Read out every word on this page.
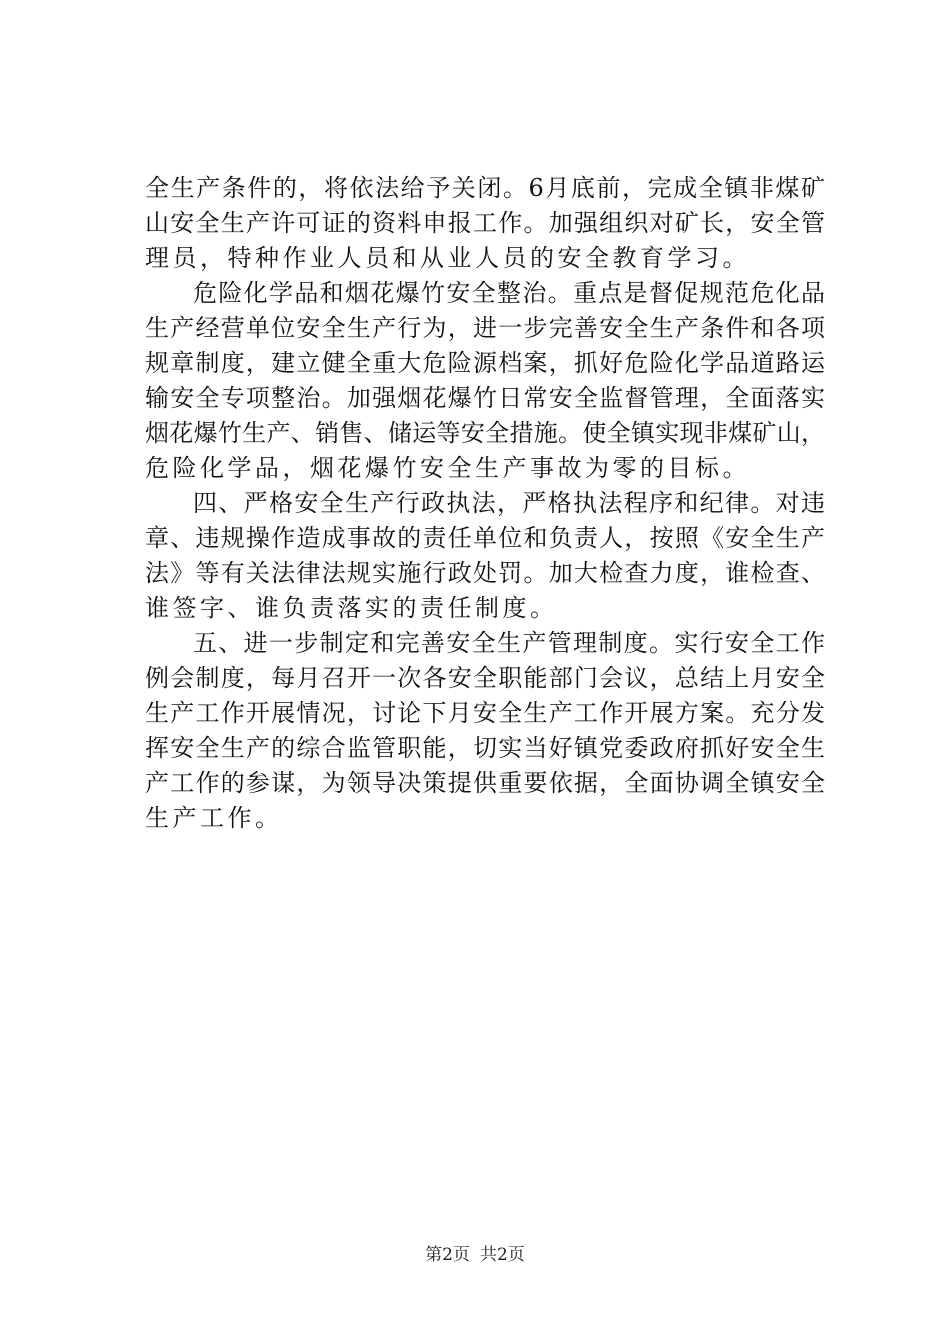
全生产条件的，将依法给予关闭。6月底前，完成全镇非煤矿
山安全生产许可证的资料申报工作。加强组织对矿长，安全管
理员，特种作业人员和从业人员的安全教育学习。
危险化学品和烟花爆竹安全整治。重点是督促规范危化品
生产经营单位安全生产行为，进一步完善安全生产条件和各项
规章制度，建立健全重大危险源档案，抓好危险化学品道路运
输安全专项整治。加强烟花爆竹日常安全监督管理，全面落实
烟花爆竹生产、销售、储运等安全措施。使全镇实现非煤矿山，
危险化学品，烟花爆竹安全生产事故为零的目标。
四、严格安全生产行政执法，严格执法程序和纪律。对违
章、违规操作造成事故的责任单位和负责人，按照《安全生产
法》等有关法律法规实施行政处罚。加大检查力度，谁检查、
谁签字、谁负责落实的责任制度。
五、进一步制定和完善安全生产管理制度。实行安全工作
例会制度，每月召开一次各安全职能部门会议，总结上月安全
生产工作开展情况，讨论下月安全生产工作开展方案。充分发
挥安全生产的综合监管职能，切实当好镇党委政府抓好安全生
产工作的参谋，为领导决策提供重要依据，全面协调全镇安全
生产工作。
第2页 共2页
